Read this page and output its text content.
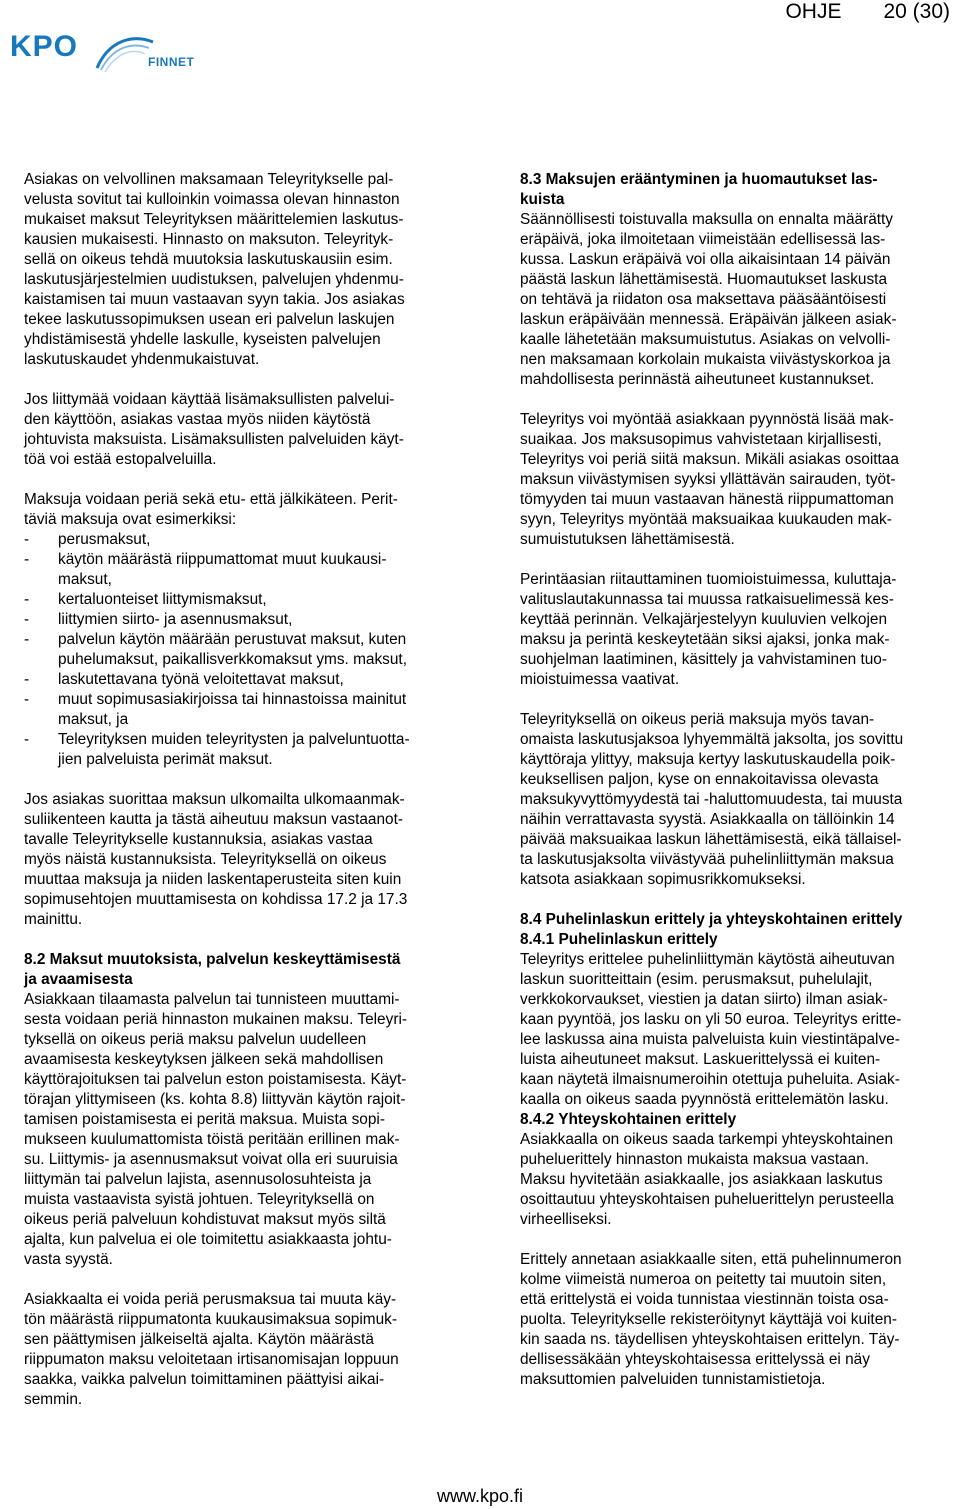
KPO	FINNET
OHJE 20 (30)

Asiakas on velvollinen maksamaan Teleyritykselle pal-
velusta sovitut tai kulloinkin voimassa olevan hinnaston
mukaiset maksut Teleyrityksen määrittelemien laskutus-
kausien mukaisesti. Hinnasto on maksuton. Teleyrityk-
sellä on oikeus tehdä muutoksia laskutuskausiin esim.
laskutusjärjestelmien uudistuksen, palvelujen yhdenmu-
kaistamisen tai muun vastaavan syyn takia. Jos asiakas
tekee laskutussopimuksen usean eri palvelun laskujen
yhdistämisestä yhdelle laskulle, kyseisten palvelujen
laskutuskaudet yhdenmukaistuvat.

Jos liittymää voidaan käyttää lisämaksullisten palvelui-
den käyttöön, asiakas vastaa myös niiden käytöstä
johtuvista maksuista. Lisämaksullisten palveluiden käyt-
töä voi estää estopalveluilla.

Maksuja voidaan periä sekä etu- että jälkikäteen. Perit-
täviä maksuja ovat esimerkiksi:

- perusmaksut,
- käytön määrästä riippumattomat muut kuukausi-
maksut,
- kertaluonteiset liittymismaksut,
- liittymien siirto- ja asennusmaksut,
- palvelun käytön määrään perustuvat maksut, kuten
puhelumaksut, paikallisverkkomaksut yms. maksut,
- laskutettavana työnä veloitettavat maksut,
- muut sopimusasiakirjoissa tai hinnastoissa mainitut
maksut, ja
- Teleyrityksen muiden teleyritysten ja palveluntuotta-
jien palveluista perimät maksut.

Jos asiakas suorittaa maksun ulkomailta ulkomaanmak-
suliikenteen kautta ja tästä aiheutuu maksun vastaanot-
tavalle Teleyritykselle kustannuksia, asiakas vastaa
myös näistä kustannuksista. Teleyrityksellä on oikeus
muuttaa maksuja ja niiden laskentaperusteita siten kuin
sopimusehtojen muuttamisesta on kohdissa 17.2 ja 17.3
mainittu.

8.2 Maksut muutoksista, palvelun keskeyttämisestä
ja avaamisesta

Asiakkaan tilaamasta palvelun tai tunnisteen muuttami-
sesta voidaan periä hinnaston mukainen maksu. Teleyri-
tyksellä on oikeus periä maksu palvelun uudelleen
avaamisesta keskeytyksen jälkeen sekä mahdollisen
käyttörajoituksen tai palvelun eston poistamisesta. Käyt-
törajan ylittymiseen (ks. kohta 8.8) liittyvän käytön rajoit-
tamisen poistamisesta ei peritä maksua. Muista sopi-
mukseen kuulumattomista töistä peritään erillinen mak-
su. Liittymis- ja asennusmaksut voivat olla eri suuruisia
liittymän tai palvelun lajista, asennusolosuhteista ja
muista vastaavista syistä johtuen. Teleyrityksellä on
oikeus periä palveluun kohdistuvat maksut myös siltä
ajalta, kun palvelua ei ole toimitettu asiakkaasta johtu-
vasta syystä.

Asiakkaalta ei voida periä perusmaksua tai muuta käy-
tön määrästä riippumatonta kuukausimaksua sopimuk-
sen päättymisen jälkeiseltä ajalta. Käytön määrästä
riippumaton maksu veloitetaan irtisanomisajan loppuun
saakka, vaikka palvelun toimittaminen päättyisi aikai-
semmin.

8.3 Maksujen erääntyminen ja huomautukset las-
kuista

Säännöllisesti toistuvalla maksulla on ennalta määrätty
eräpäivä, joka ilmoitetaan viimeistään edellisessä las-
kussa. Laskun eräpäivä voi olla aikaisintaan 14 päivän
päästä laskun lähettämisestä. Huomautukset laskusta
on tehtävä ja riidaton osa maksettava pääsääntöisesti
laskun eräpäivään mennessä. Eräpäivän jälkeen asiak-
kaalle lähetetään maksumuistutus. Asiakas on velvolli-
nen maksamaan korkolain mukaista viivästyskorkoa ja
mahdollisesta perinnästä aiheutuneet kustannukset.

Teleyritys voi myöntää asiakkaan pyynnöstä lisää mak-
suaikaa. Jos maksusopimus vahvistetaan kirjallisesti,
Teleyritys voi periä siitä maksun. Mikäli asiakas osoittaa
maksun viivästymisen syyksi yllättävän sairauden, työt-
tömyyden tai muun vastaavan hänestä riippumattoman
syyn, Teleyritys myöntää maksuaikaa kuukauden mak-
sumuistutuksen lähettämisestä.

Perintäasian riitauttaminen tuomioistuimessa, kuluttaja-
valituslautakunnassa tai muussa ratkaisuelimessä kes-
keyttää perinnän. Velkajärjestelyyn kuuluvien velkojen
maksu ja perintä keskeytetään siksi ajaksi, jonka mak-
suohjelman laatiminen, käsittely ja vahvistaminen tuo-
mioistuimessa vaativat.

Teleyrityksellä on oikeus periä maksuja myös tavan-
omaista laskutusjaksoa lyhyemmältä jaksolta, jos sovittu
käyttöraja ylittyy, maksuja kertyy laskutuskaudella poik-
keuksellisen paljon, kyse on ennakoitavissa olevasta
maksukyvyttömyydestä tai -haluttomuudesta, tai muusta
näihin verrattavasta syystä. Asiakkaalla on tällöinkin 14
päivää maksuaikaa laskun lähettämisestä, eikä tällaisel-
ta laskutusjaksolta viivästyvää puhelinliittymän maksua
katsota asiakkaan sopimusrikkomukseksi.

8.4 Puhelinlaskun erittely ja yhteyskohtainen erittely
8.4.1 Puhelinlaskun erittely

Teleyritys erittelee puhelinliittymän käytöstä aiheutuvan
laskun suoritteittain (esim. perusmaksut, puhelulajit,
verkkokorvaukset, viestien ja datan siirto) ilman asiak-
kaan pyyntöä, jos lasku on yli 50 euroa. Teleyritys eritte-
lee laskussa aina muista palveluista kuin viestintäpalve-
luista aiheutuneet maksut. Laskuerittelyssä ei kuiten-
kaan näytetä ilmaisnumeroihin otettuja puheluita. Asiak-
kaalla on oikeus saada pyynnöstä erittelemätön lasku.

8.4.2 Yhteyskohtainen erittely

Asiakkaalla on oikeus saada tarkempi yhteyskohtainen
puheluerittely hinnaston mukaista maksua vastaan.
Maksu hyvitetään asiakkaalle, jos asiakkaan laskutus
osoittautuu yhteyskohtaisen puheluerittelyn perusteella
virheelliseksi.

Erittely annetaan asiakkaalle siten, että puhelinnumeron
kolme viimeistä numeroa on peitetty tai muutoin siten,
että erittelystä ei voida tunnistaa viestinnän toista osa-
puolta. Teleyritykselle rekisteröitynyt käyttäjä voi kuiten-
kin saada ns. täydellisen yhteyskohtaisen erittelyn. Täy-
dellisessäkään yhteyskohtaisessa erittelyssä ei näy
maksuttomien palveluiden tunnistamistietoja.

www.kpo.fi
